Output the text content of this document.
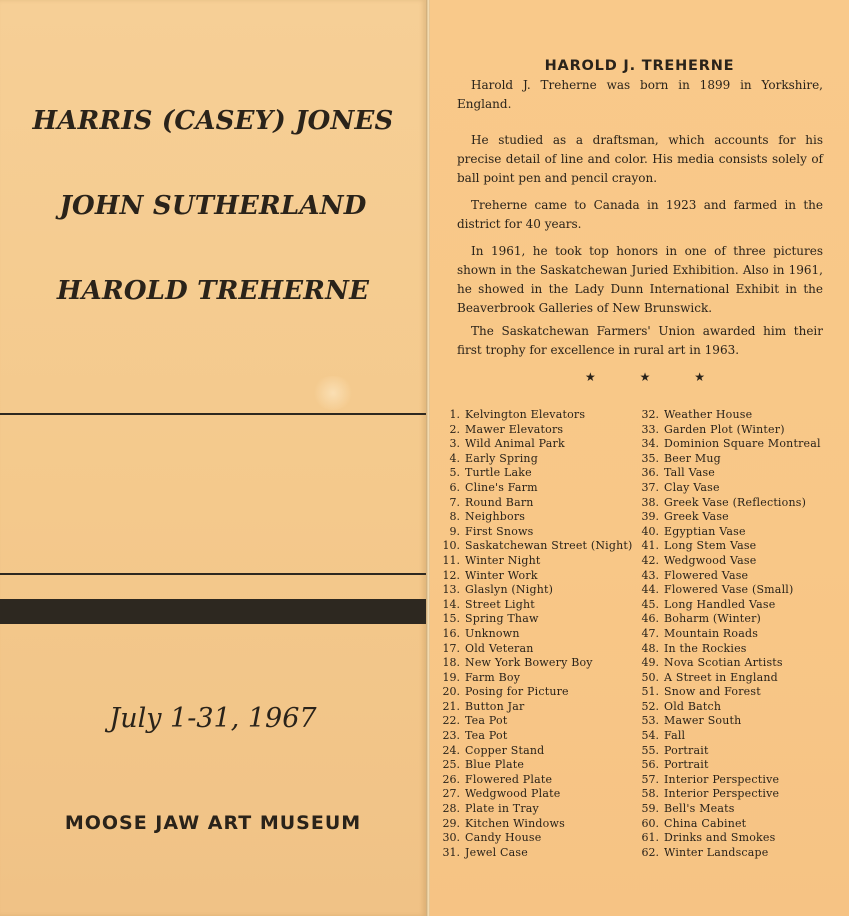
HARRIS (CASEY) JONES
JOHN SUTHERLAND
HAROLD TREHERNE
July 1-31, 1967
MOOSE JAW ART MUSEUM
HAROLD J. TREHERNE

Harold J. Treherne was born in 1899 in Yorkshire, England.

He studied as a draftsman, which accounts for his precise detail of line and color. His media consists solely of ball point pen and pencil crayon.

Treherne came to Canada in 1923 and farmed in the district for 40 years.

In 1961, he took top honors in one of three pictures shown in the Saskatchewan Juried Exhibition. Also in 1961, he showed in the Lady Dunn International Exhibit in the Beaverbrook Galleries of New Brunswick.

The Saskatchewan Farmers' Union awarded him their first trophy for excellence in rural art in 1963.

★	★	★
1. Kelvington Elevators
2. Mawer Elevators
3. Wild Animal Park
4. Early Spring
5. Turtle Lake
6. Cline's Farm
7. Round Barn
8. Neighbors
9. First Snows
10. Saskatchewan Street (Night)
11. Winter Night
12. Winter Work
13. Glaslyn (Night)
14. Street Light
15. Spring Thaw
16. Unknown
17. Old Veteran
18. New York Bowery Boy
19. Farm Boy
20. Posing for Picture
21. Button Jar
22. Tea Pot
23. Tea Pot
24. Copper Stand
25. Blue Plate
26. Flowered Plate
27. Wedgwood Plate
28. Plate in Tray
29. Kitchen Windows
30. Candy House
31. Jewel Case
32. Weather House
33. Garden Plot (Winter)
34. Dominion Square Montreal
35. Beer Mug
36. Tall Vase
37. Clay Vase
38. Greek Vase (Reflections)
39. Greek Vase
40. Egyptian Vase
41. Long Stem Vase
42. Wedgwood Vase
43. Flowered Vase
44. Flowered Vase (Small)
45. Long Handled Vase
46. Boharm (Winter)
47. Mountain Roads
48. In the Rockies
49. Nova Scotian Artists
50. A Street in England
51. Snow and Forest
52. Old Batch
53. Mawer South
54. Fall
55. Portrait
56. Portrait
57. Interior Perspective
58. Interior Perspective
59. Bell's Meats
60. China Cabinet
61. Drinks and Smokes
62. Winter Landscape
